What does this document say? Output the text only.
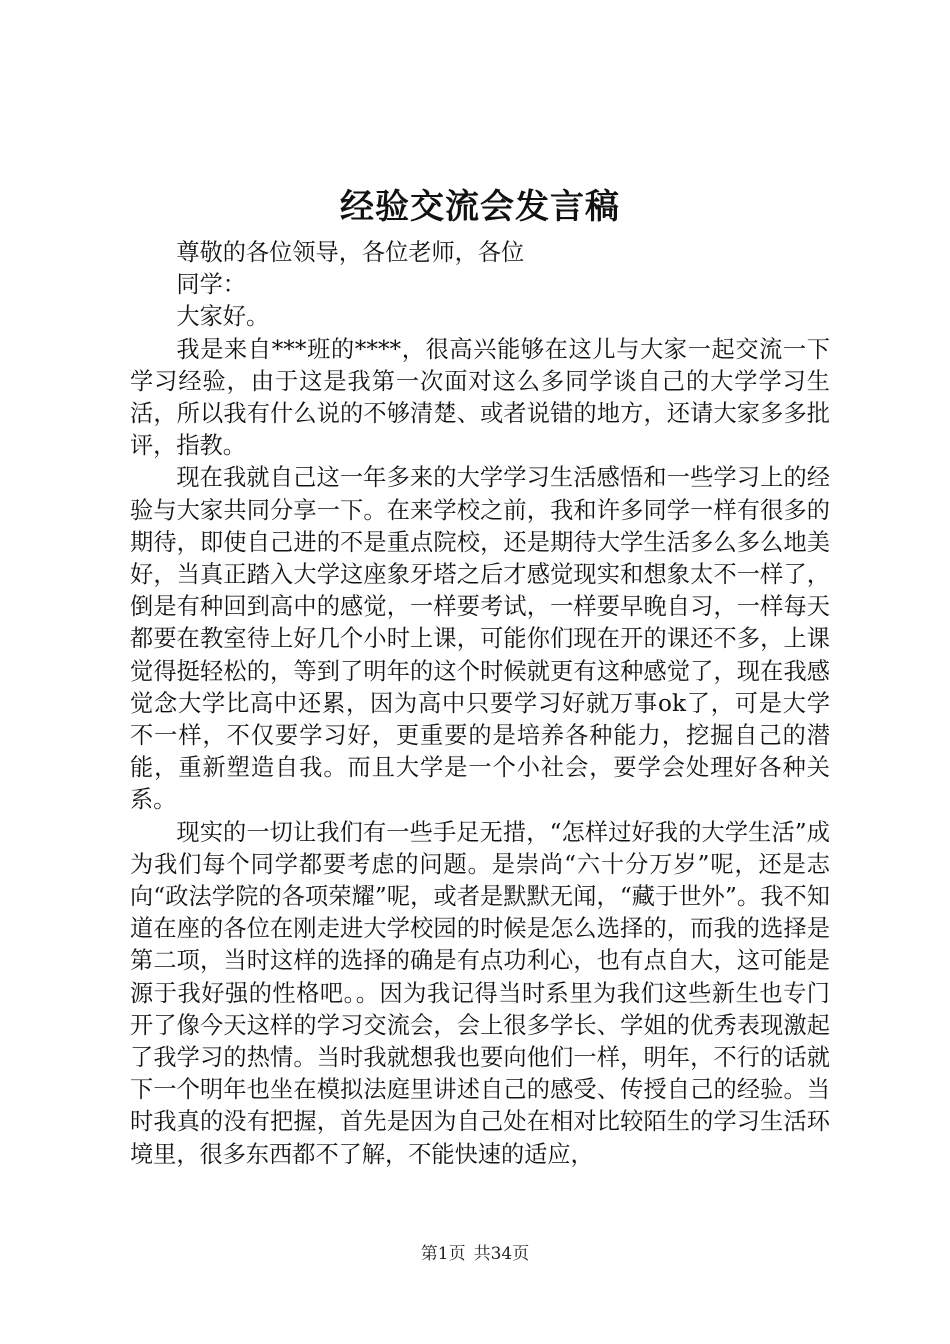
经验交流会发言稿

尊敬的各位领导，各位老师，各位

同学：

大家好。

我是来自***班的****，很高兴能够在这儿与大家一起交流一下学习经验，由于这是我第一次面对这么多同学谈自己的大学学习生活，所以我有什么说的不够清楚、或者说错的地方，还请大家多多批评，指教。

现在我就自己这一年多来的大学学习生活感悟和一些学习上的经验与大家共同分享一下。在来学校之前，我和许多同学一样有很多的期待，即使自己进的不是重点院校，还是期待大学生活多么多么地美好，当真正踏入大学这座象牙塔之后才感觉现实和想象太不一样了，倒是有种回到高中的感觉，一样要考试，一样要早晚自习，一样每天都要在教室待上好几个小时上课，可能你们现在开的课还不多，上课觉得挺轻松的，等到了明年的这个时候就更有这种感觉了，现在我感觉念大学比高中还累，因为高中只要学习好就万事ok了，可是大学不一样，不仅要学习好，更重要的是培养各种能力，挖掘自己的潜能，重新塑造自我。而且大学是一个小社会，要学会处理好各种关系。

现实的一切让我们有一些手足无措，“怎样过好我的大学生活”成为我们每个同学都要考虑的问题。是崇尚“六十分万岁”呢，还是志向“政法学院的各项荣耀”呢，或者是默默无闻，“藏于世外”。我不知道在座的各位在刚走进大学校园的时候是怎么选择的，而我的选择是第二项，当时这样的选择的确是有点功利心，也有点自大，这可能是源于我好强的性格吧。。因为我记得当时系里为我们这些新生也专门开了像今天这样的学习交流会，会上很多学长、学姐的优秀表现激起了我学习的热情。当时我就想我也要向他们一样，明年，不行的话就下一个明年也坐在模拟法庭里讲述自己的感受、传授自己的经验。当时我真的没有把握，首先是因为自己处在相对比较陌生的学习生活环境里，很多东西都不了解，不能快速的适应，

第1页 共34页
